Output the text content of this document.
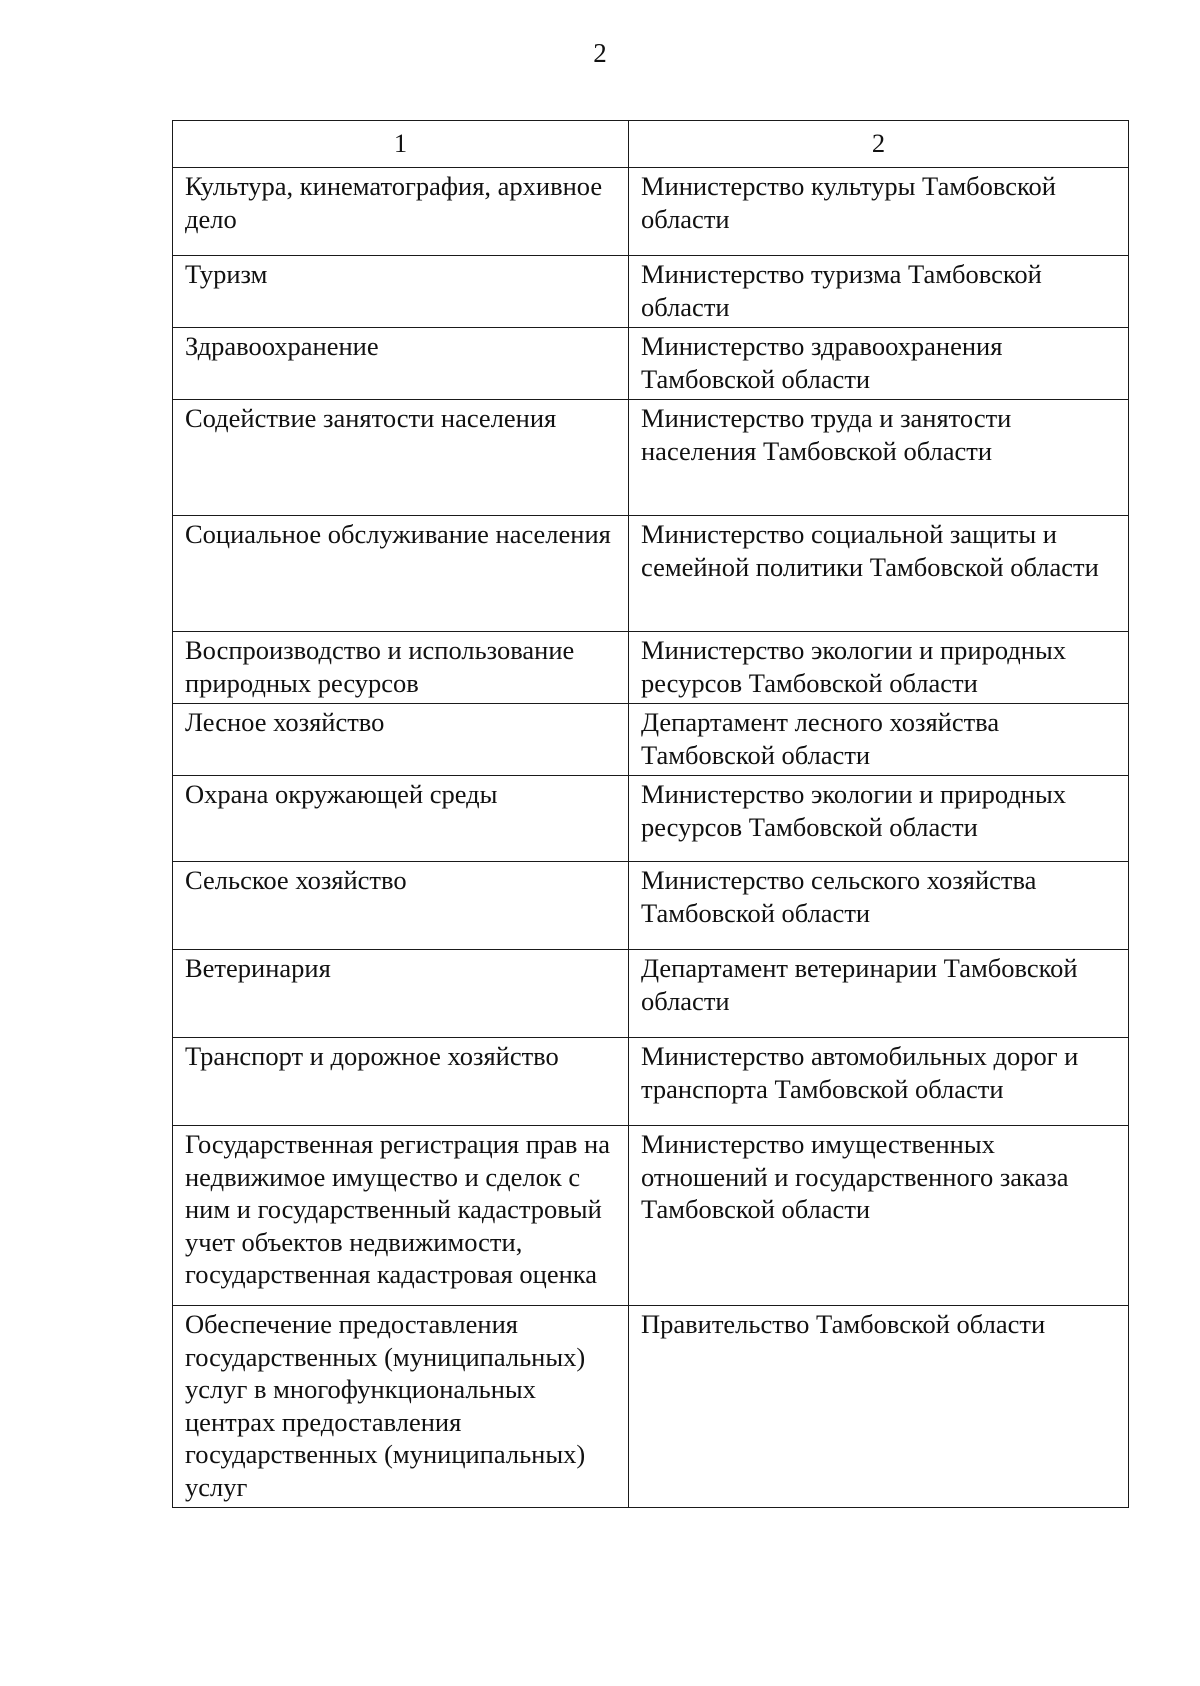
2
1	2
Культура, кинематография, архивное дело	Министерство культуры Тамбовской области
Туризм	Министерство туризма Тамбовской области
Здравоохранение	Министерство здравоохранения Тамбовской области
Содействие занятости населения	Министерство труда и занятости населения Тамбовской области
Социальное обслуживание населения	Министерство социальной защиты и семейной политики Тамбовской области
Воспроизводство и использование природных ресурсов	Министерство экологии и природных ресурсов Тамбовской области
Лесное хозяйство	Департамент лесного хозяйства Тамбовской области
Охрана окружающей среды	Министерство экологии и природных ресурсов Тамбовской области
Сельское хозяйство	Министерство сельского хозяйства Тамбовской области
Ветеринария	Департамент ветеринарии Тамбовской области
Транспорт и дорожное хозяйство	Министерство автомобильных дорог и транспорта Тамбовской области
Государственная регистрация прав на недвижимое имущество и сделок с ним и государственный кадастровый учет объектов недвижимости, государственная кадастровая оценка	Министерство имущественных отношений и государственного заказа Тамбовской области
Обеспечение предоставления государственных (муниципальных) услуг в многофункциональных центрах предоставления государственных (муниципальных) услуг	Правительство Тамбовской области
